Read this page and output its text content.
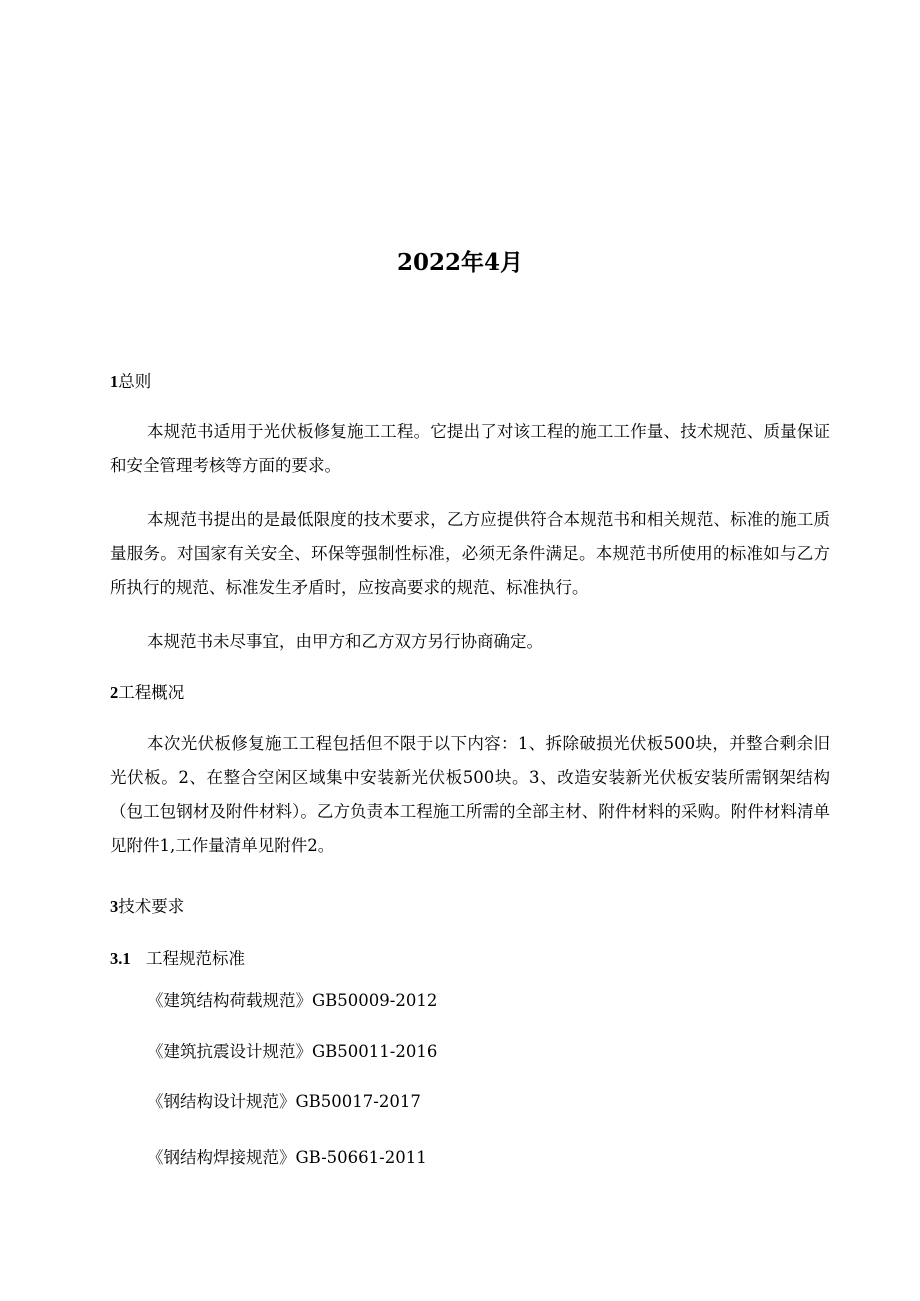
2022年4月
1总则

本规范书适用于光伏板修复施工工程。它提出了对该工程的施工工作量、技术规范、质量保证和安全管理考核等方面的要求。

本规范书提出的是最低限度的技术要求，乙方应提供符合本规范书和相关规范、标准的施工质量服务。对国家有关安全、环保等强制性标准，必须无条件满足。本规范书所使用的标准如与乙方所执行的规范、标准发生矛盾时，应按高要求的规范、标准执行。

本规范书未尽事宜，由甲方和乙方双方另行协商确定。

2工程概况

本次光伏板修复施工工程包括但不限于以下内容：1、拆除破损光伏板500块，并整合剩余旧光伏板。2、在整合空闲区域集中安装新光伏板500块。3、改造安装新光伏板安装所需钢架结构（包工包钢材及附件材料）。乙方负责本工程施工所需的全部主材、附件材料的采购。附件材料清单见附件1,工作量清单见附件2。

3技术要求
3.1 工程规范标准
《建筑结构荷载规范》GB50009-2012
《建筑抗震设计规范》GB50011-2016
《钢结构设计规范》GB50017-2017
《钢结构焊接规范》GB-50661-2011
